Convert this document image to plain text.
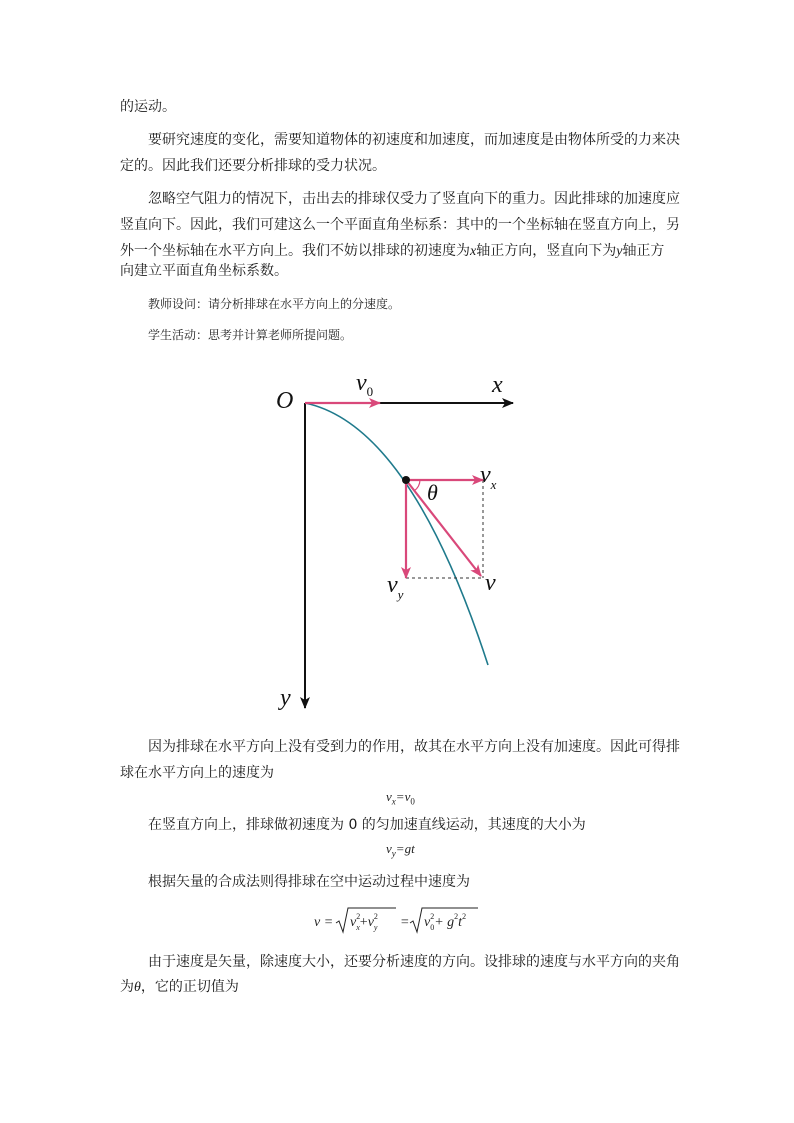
的运动。
要研究速度的变化，需要知道物体的初速度和加速度，而加速度是由物体所受的力来决
定的。因此我们还要分析排球的受力状况。
忽略空气阻力的情况下，击出去的排球仅受力了竖直向下的重力。因此排球的加速度应
竖直向下。因此，我们可建这么一个平面直角坐标系：其中的一个坐标轴在竖直方向上，另
外一个坐标轴在水平方向上。我们不妨以排球的初速度为x轴正方向，竖直向下为y轴正方
向建立平面直角坐标系数。
教师设问：请分析排球在水平方向上的分速度。
学生活动：思考并计算老师所提问题。
O
x
y
$v_0$
$v_x$
$v_y$	v
θ
因为排球在水平方向上没有受到力的作用，故其在水平方向上没有加速度。因此可得排
球在水平方向上的速度为
$v_x=v_0$
在竖直方向上，排球做初速度为 0 的匀加速直线运动，其速度的大小为
$v_y=gt$
根据矢量的合成法则得排球在空中运动过程中速度为
$v = v^2$ $x+v^2$ $y = v^2$ $0+ g^2t^2$
由于速度是矢量，除速度大小，还要分析速度的方向。设排球的速度与水平方向的夹角
为θ，它的正切值为
